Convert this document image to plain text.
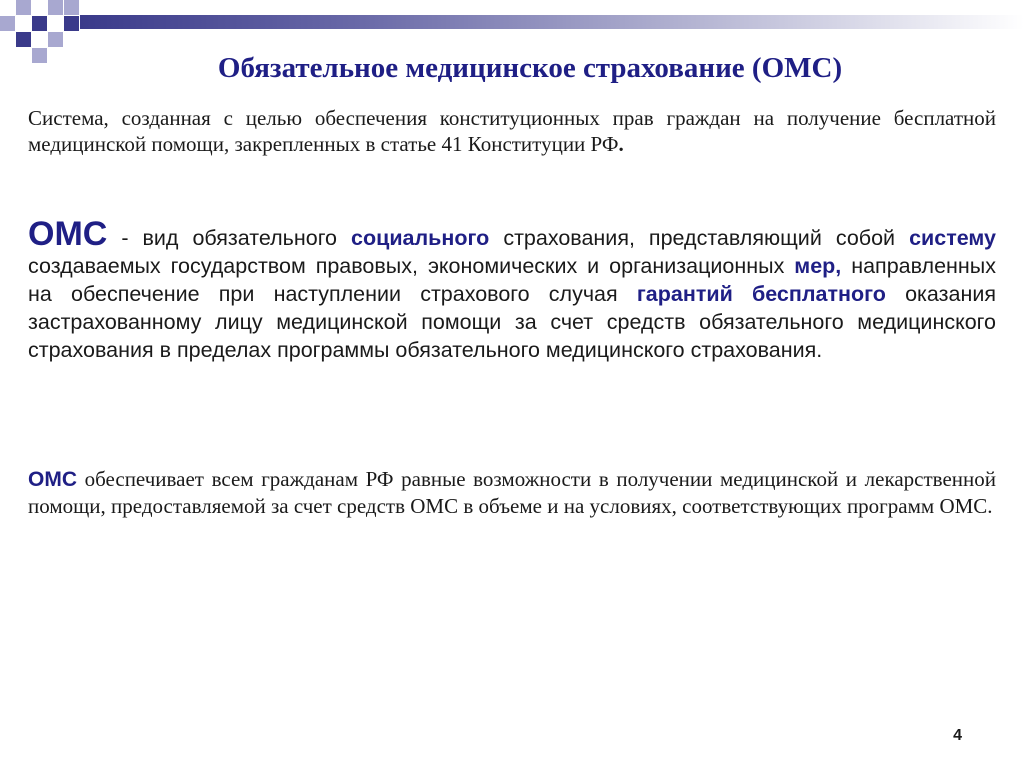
Обязательное медицинское страхование (ОМС)

Система, созданная с целью обеспечения конституционных прав граждан на получение бесплатной медицинской помощи, закрепленных в статье 41 Конституции РФ.

ОМС - вид обязательного социального страхования, представляющий собой систему создаваемых государством правовых, экономических и организационных мер, направленных на обеспечение при наступлении страхового случая гарантий бесплатного оказания застрахованному лицу медицинской помощи за счет средств обязательного медицинского страхования в пределах программы обязательного медицинского страхования.

ОМС обеспечивает всем гражданам РФ равные возможности в получении медицинской и лекарственной помощи, предоставляемой за счет средств ОМС в объеме и на условиях, соответствующих программ ОМС.

4
